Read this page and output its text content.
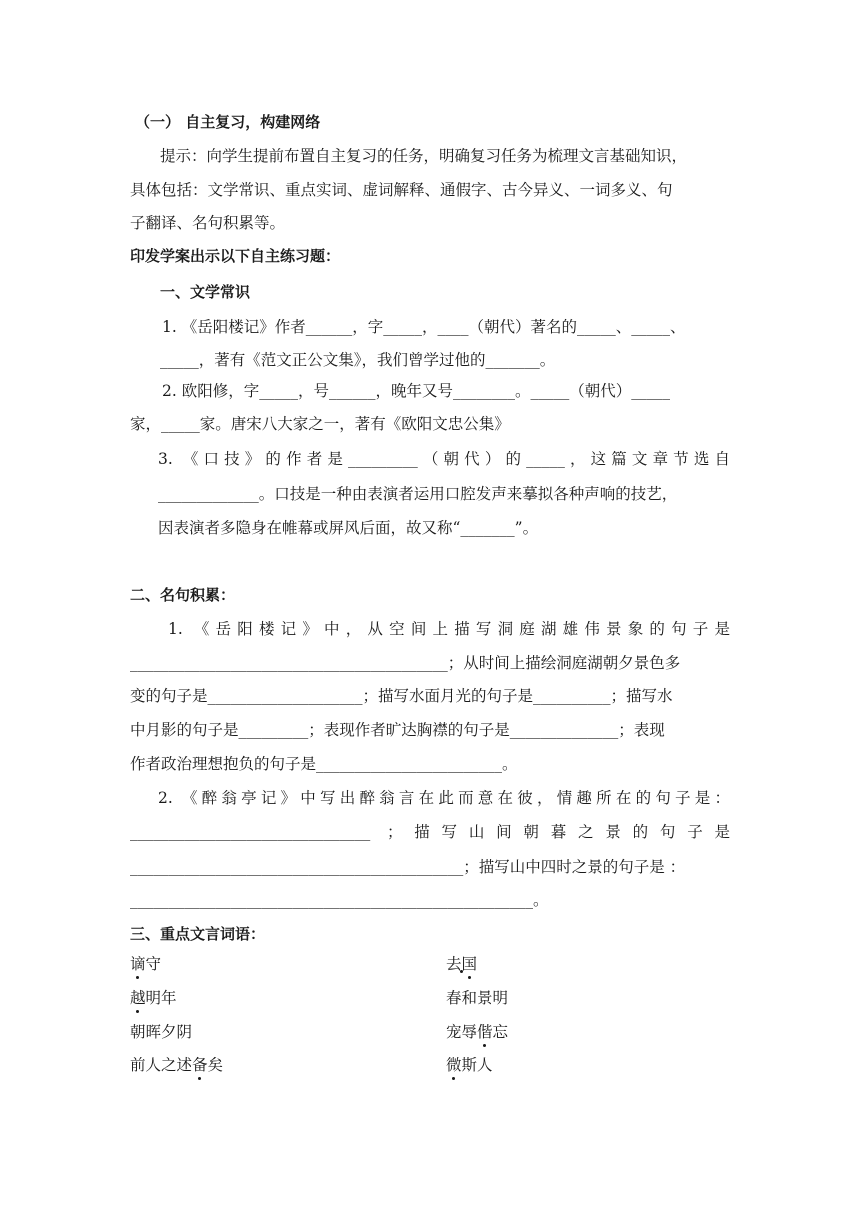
（一） 自主复习，构建网络
提示：向学生提前布置自主复习的任务，明确复习任务为梳理文言基础知识，
具体包括：文学常识、重点实词、虚词解释、通假字、古今异义、一词多义、句
子翻译、名句积累等。
印发学案出示以下自主练习题：
一、文学常识
1. 《岳阳楼记》作者______，字_____，____（朝代）著名的_____、_____、
_____，著有《范文正公文集》，我们曾学过他的_______。
2. 欧阳修，字_____，号______，晚年又号________。_____（朝代）_____
家，_____家。唐宋八大家之一，著有《欧阳文忠公集》
3. 《口技》的作者是_________（朝代）的_____，这篇文章节选自
_____________。口技是一种由表演者运用口腔发声来摹拟各种声响的技艺，
因表演者多隐身在帷幕或屏风后面，故又称“_______”。
二、名句积累：
1. 《岳阳楼记》中，从空间上描写洞庭湖雄伟景象的句子是
_________________________________________；从时间上描绘洞庭湖朝夕景色多
变的句子是____________________；描写水面月光的句子是__________；描写水
中月影的句子是_________；表现作者旷达胸襟的句子是______________；表现
作者政治理想抱负的句子是________________________。
2. 《醉翁亭记》中写出醉翁言在此而意在彼，情趣所在的句子是：
_______________________________ ；描写山间朝暮之景的句子是
___________________________________________；描写山中四时之景的句子是 ：
____________________________________________________。
三、重点文言词语：
谪守	去国
越明年	春和景明
朝晖夕阴	宠辱偕忘
前人之述备矣	微斯人
